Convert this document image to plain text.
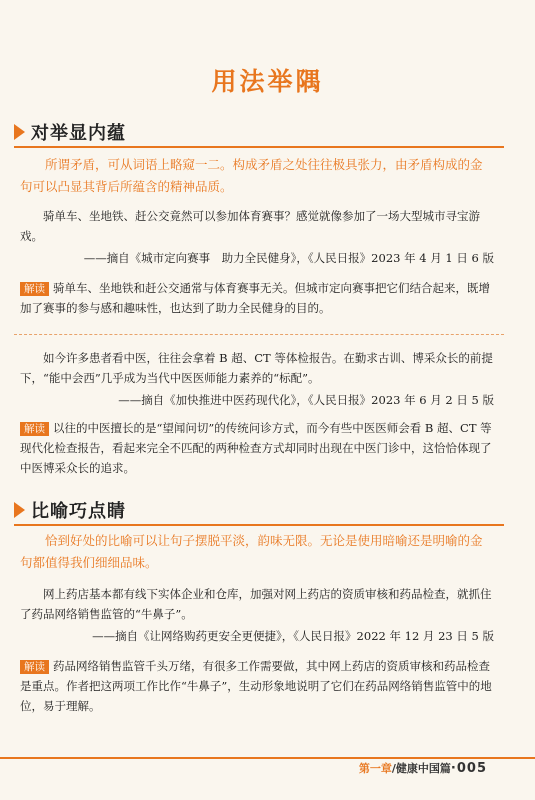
用法举隅
对举显内蕴

所谓矛盾，可从词语上略窥一二。构成矛盾之处往往极具张力，由矛盾构成的金句可以凸显其背后所蕴含的精神品质。

骑单车、坐地铁、赶公交竟然可以参加体育赛事？感觉就像参加了一场大型城市寻宝游戏。

——摘自《城市定向赛事　助力全民健身》，《人民日报》2023 年 4 月 1 日 6 版

解读 骑单车、坐地铁和赶公交通常与体育赛事无关。但城市定向赛事把它们结合起来，既增加了赛事的参与感和趣味性，也达到了助力全民健身的目的。

如今许多患者看中医，往往会拿着 B 超、CT 等体检报告。在勤求古训、博采众长的前提下，“能中会西”几乎成为当代中医医师能力素养的“标配”。

——摘自《加快推进中医药现代化》，《人民日报》2023 年 6 月 2 日 5 版

解读 以往的中医擅长的是“望闻问切”的传统问诊方式，而今有些中医医师会看 B 超、CT 等现代化检查报告，看起来完全不匹配的两种检查方式却同时出现在中医门诊中，这恰恰体现了中医博采众长的追求。

比喻巧点睛

恰到好处的比喻可以让句子摆脱平淡，韵味无限。无论是使用暗喻还是明喻的金句都值得我们细细品味。

网上药店基本都有线下实体企业和仓库，加强对网上药店的资质审核和药品检查，就抓住了药品网络销售监管的“牛鼻子”。

——摘自《让网络购药更安全更便捷》，《人民日报》2022 年 12 月 23 日 5 版

解读 药品网络销售监管千头万绪，有很多工作需要做，其中网上药店的资质审核和药品检查是重点。作者把这两项工作比作“牛鼻子”，生动形象地说明了它们在药品网络销售监管中的地位，易于理解。

第一章/健康中国篇·005
